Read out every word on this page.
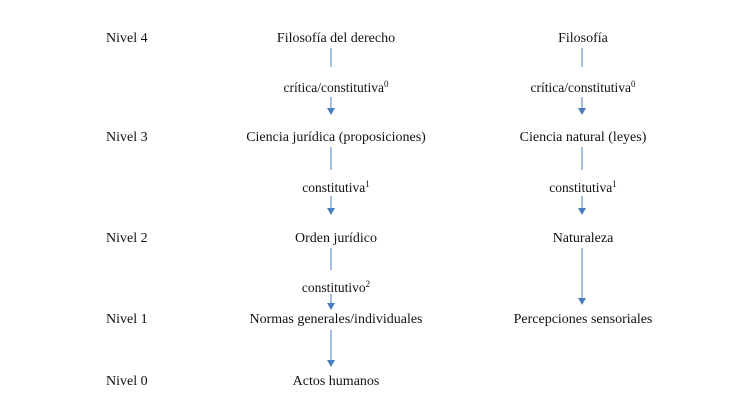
Nivel 4
Nivel 3
Nivel 2
Nivel 1
Nivel 0
Filosofía del derecho
crítica/constitutiva$^0$
Ciencia jurídica (proposiciones)
constitutiva$^1$
Orden jurídico
constitutivo$^2$
Normas generales/individuales
Actos humanos
Filosofía
crítica/constitutiva$^0$
Ciencia natural (leyes)
constitutiva$^1$
Naturaleza
Percepciones sensoriales
